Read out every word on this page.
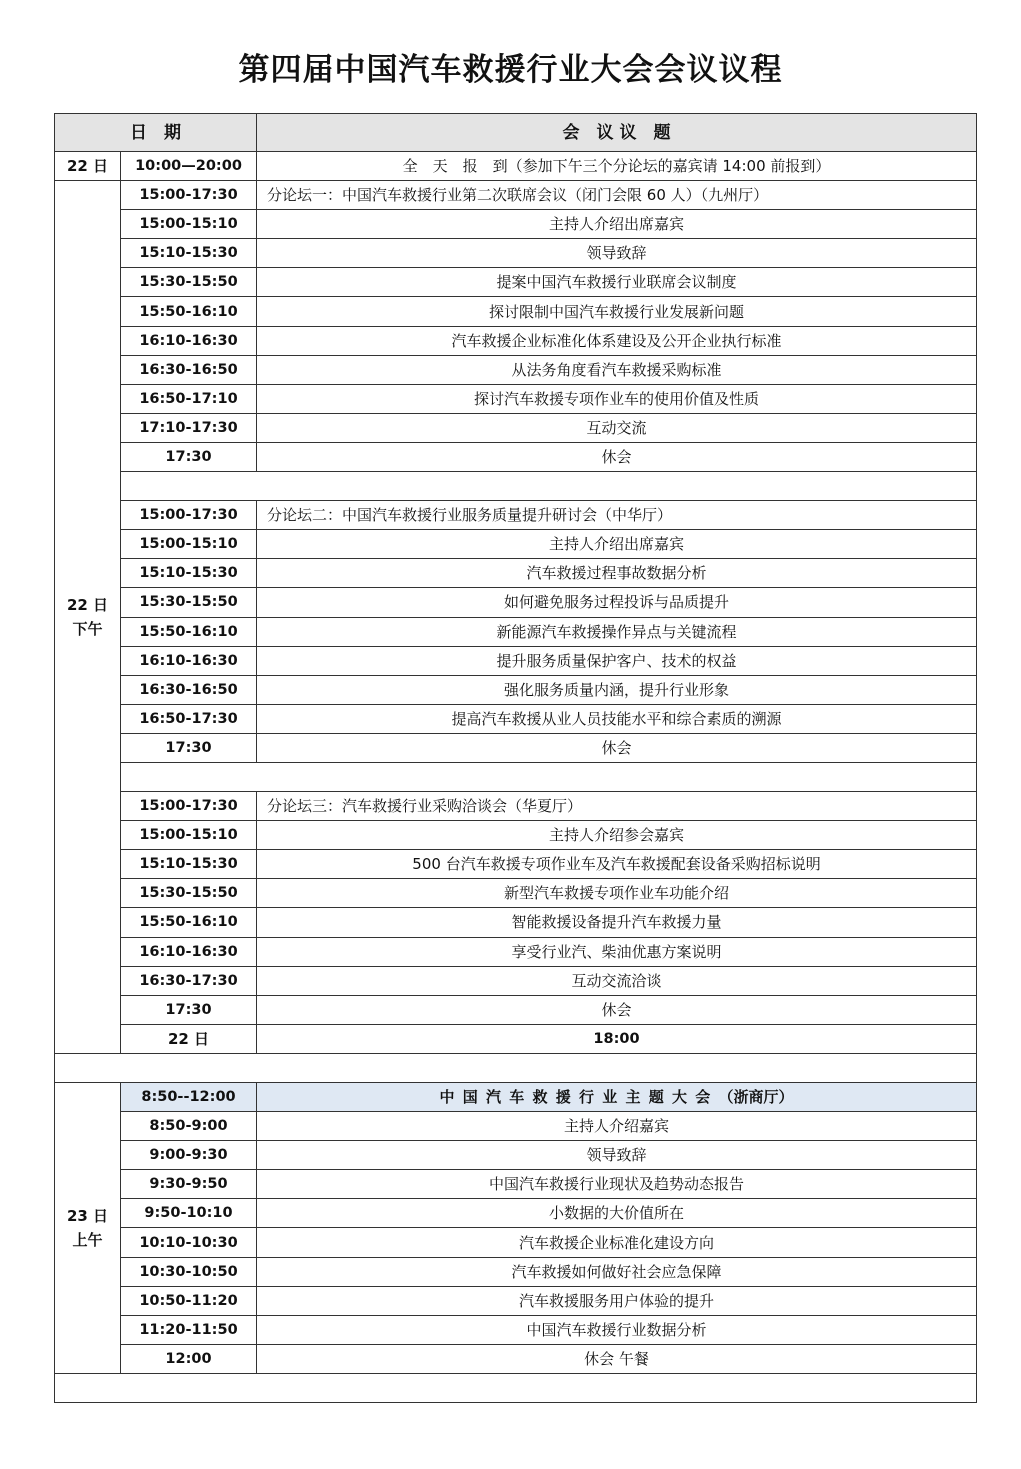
第四届中国汽车救援行业大会会议议程
日　期		会　议 议　题	
22 日	10:00—20:00	全　天　报　到（参加下午三个分论坛的嘉宾请 14:00 前报到）	
22 日
下午	15:00-17:30	分论坛一：中国汽车救援行业第二次联席会议（闭门会限 60 人）（九州厅）	
	15:00-15:10	主持人介绍出席嘉宾	
	15:10-15:30	领导致辞	
	15:30-15:50	提案中国汽车救援行业联席会议制度	
	15:50-16:10	探讨限制中国汽车救援行业发展新问题	
	16:10-16:30	汽车救援企业标准化体系建设及公开企业执行标准	
	16:30-16:50	从法务角度看汽车救援采购标准	
	16:50-17:10	探讨汽车救援专项作业车的使用价值及性质	
	17:10-17:30	互动交流	
	17:30	休会	

	15:00-17:30	分论坛二：中国汽车救援行业服务质量提升研讨会（中华厅）	
	15:00-15:10	主持人介绍出席嘉宾	
	15:10-15:30	汽车救援过程事故数据分析	
	15:30-15:50	如何避免服务过程投诉与品质提升	
	15:50-16:10	新能源汽车救援操作异点与关键流程	
	16:10-16:30	提升服务质量保护客户、技术的权益	
	16:30-16:50	强化服务质量内涵，提升行业形象	
	16:50-17:30	提高汽车救援从业人员技能水平和综合素质的溯源	
	17:30	休会	

	15:00-17:30	分论坛三：汽车救援行业采购洽谈会（华夏厅）	
	15:00-15:10	主持人介绍参会嘉宾	
	15:10-15:30	500 台汽车救援专项作业车及汽车救援配套设备采购招标说明	
	15:30-15:50	新型汽车救援专项作业车功能介绍	
	15:50-16:10	智能救援设备提升汽车救援力量	
	16:10-16:30	享受行业汽、柴油优惠方案说明	
	16:30-17:30	互动交流洽谈	
	17:30	休会	
	22 日	18:00	

23 日
上午	8:50--12:00	中国汽车救援行业主题大会（浙商厅）	
	8:50-9:00	主持人介绍嘉宾	
	9:00-9:30	领导致辞	
	9:30-9:50	中国汽车救援行业现状及趋势动态报告	
	9:50-10:10	小数据的大价值所在	
	10:10-10:30	汽车救援企业标准化建设方向	
	10:30-10:50	汽车救援如何做好社会应急保障	
	10:50-11:20	汽车救援服务用户体验的提升	
	11:20-11:50	中国汽车救援行业数据分析	
	12:00	休会 午餐	
